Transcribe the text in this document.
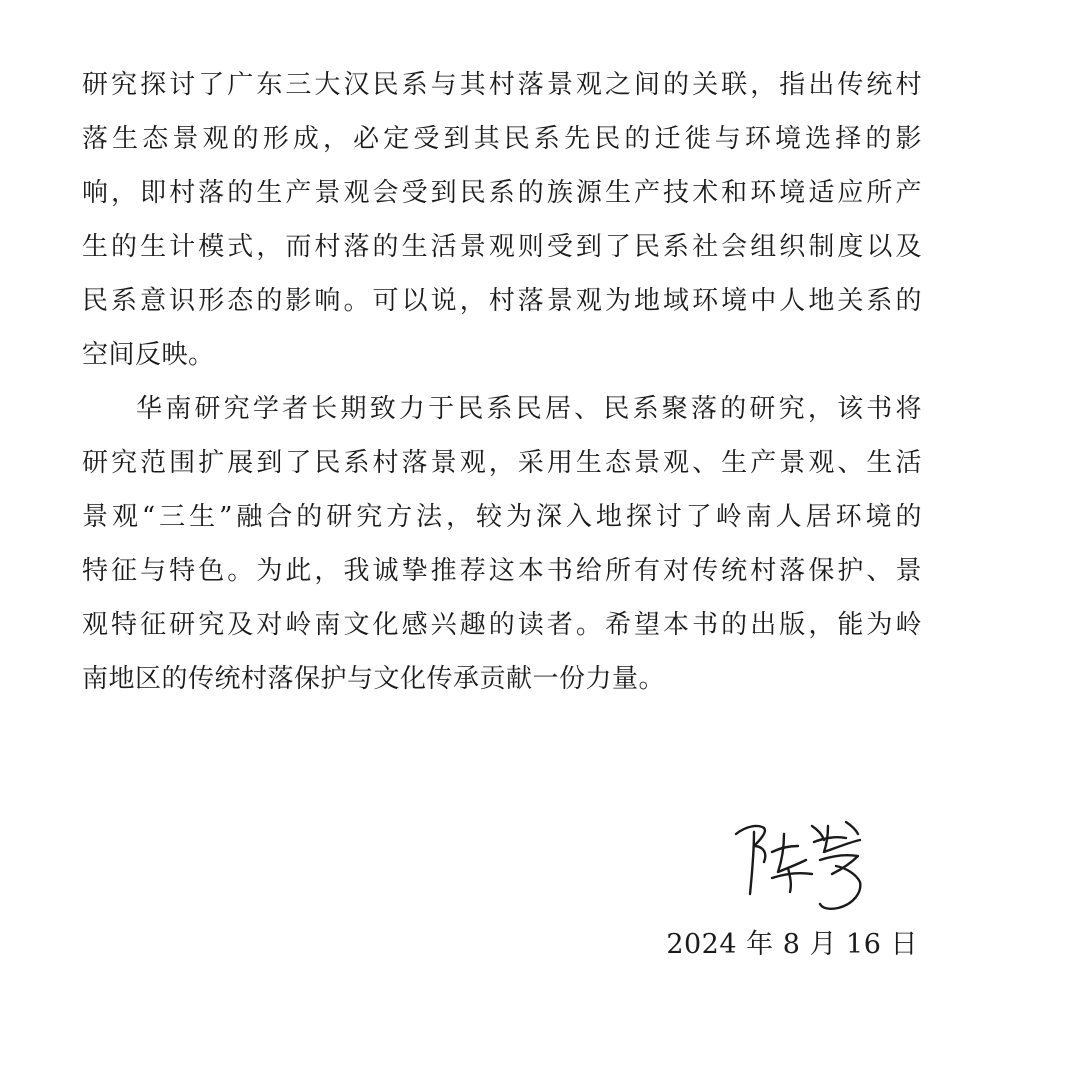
研究探讨了广东三大汉民系与其村落景观之间的关联，指出传统村
落生态景观的形成，必定受到其民系先民的迁徙与环境选择的影
响，即村落的生产景观会受到民系的族源生产技术和环境适应所产
生的生计模式，而村落的生活景观则受到了民系社会组织制度以及
民系意识形态的影响。可以说，村落景观为地域环境中人地关系的
空间反映。
华南研究学者长期致力于民系民居、民系聚落的研究，该书将
研究范围扩展到了民系村落景观，采用生态景观、生产景观、生活
景观“三生”融合的研究方法，较为深入地探讨了岭南人居环境的
特征与特色。为此，我诚挚推荐这本书给所有对传统村落保护、景
观特征研究及对岭南文化感兴趣的读者。希望本书的出版，能为岭
南地区的传统村落保护与文化传承贡献一份力量。
2024 年 8 月 16 日
